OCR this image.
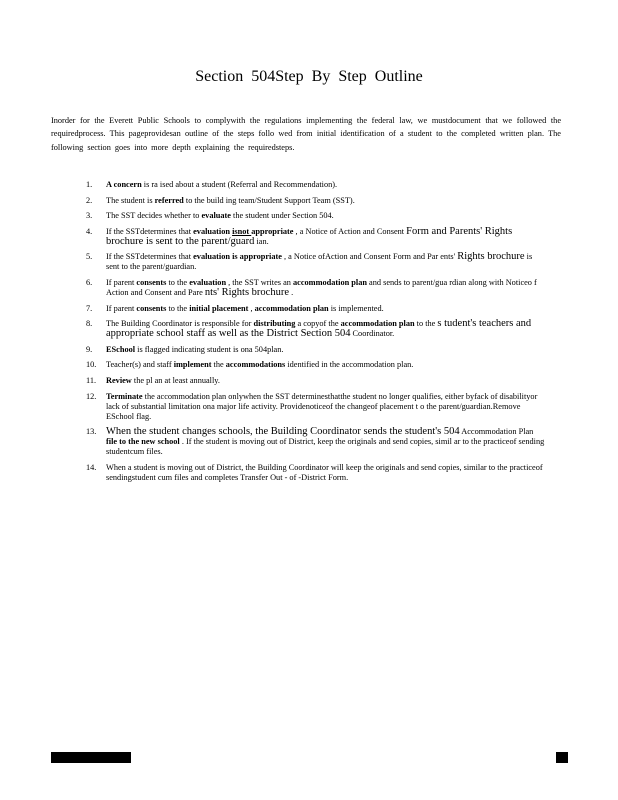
Section 504Step By Step Outline

Inorder for the Everett Public Schools to complywith the regulations implementing the federal law, we mustdocument that we followed the requiredprocess. This pageprovidesan outline of the steps follo wed from initial identification of a student to the completed written plan. The following section goes into more depth explaining the requiredsteps.

1.	A concern is ra ised about a student (Referral and Recommendation).
2.	The student is referred to the build ing team/Student Support Team (SST).
3.	The SST decides whether to evaluate the student under Section 504.
4.	If the SSTdetermines that evaluation isnot appropriate , a Notice of Action and Consent Form and Parents' Rights brochure is sent to the parent/guard ian.
5.	If the SSTdetermines that evaluation is appropriate , a Notice ofAction and Consent Form and Par ents' Rights brochure is sent to the parent/guardian.
6.	If parent consents to the evaluation , the SST writes an accommodation plan and sends to parent/gua rdian along with Noticeo f Action and Consent and Pare nts' Rights brochure .
7.	If parent consents to the initial placement , accommodation plan is implemented.
8.	The Building Coordinator is responsible for distributing a copyof the accommodation plan to the s tudent's teachers and appropriate school staff as well as the District Section 504 Coordinator.
9.	ESchool is flagged indicating student is ona 504plan.
10.	Teacher(s) and staff implement the accommodations identified in the accommodation plan.
11.	Review the pl an at least annually.
12.	Terminate the accommodation plan onlywhen the SST determinesthatthe student no longer qualifies, either byfack of disabilityor lack of substantial limitation ona major life activity. Providenoticeof the changeof placement t o the parent/guardian.Remove ESchool flag.
13. When the student changes schools, the Building Coordinator sends the student's 504 Accommodation Plan file to the new school . If the student is moving out of District, keep the originals and send copies, simil ar to the practiceof sending studentcum files.
14.	When a student is moving out of District, the Building Coordinator will keep the originals and send copies, similar to the practiceof sendingstudent cum files and completes Transfer Out - of -District Form.
